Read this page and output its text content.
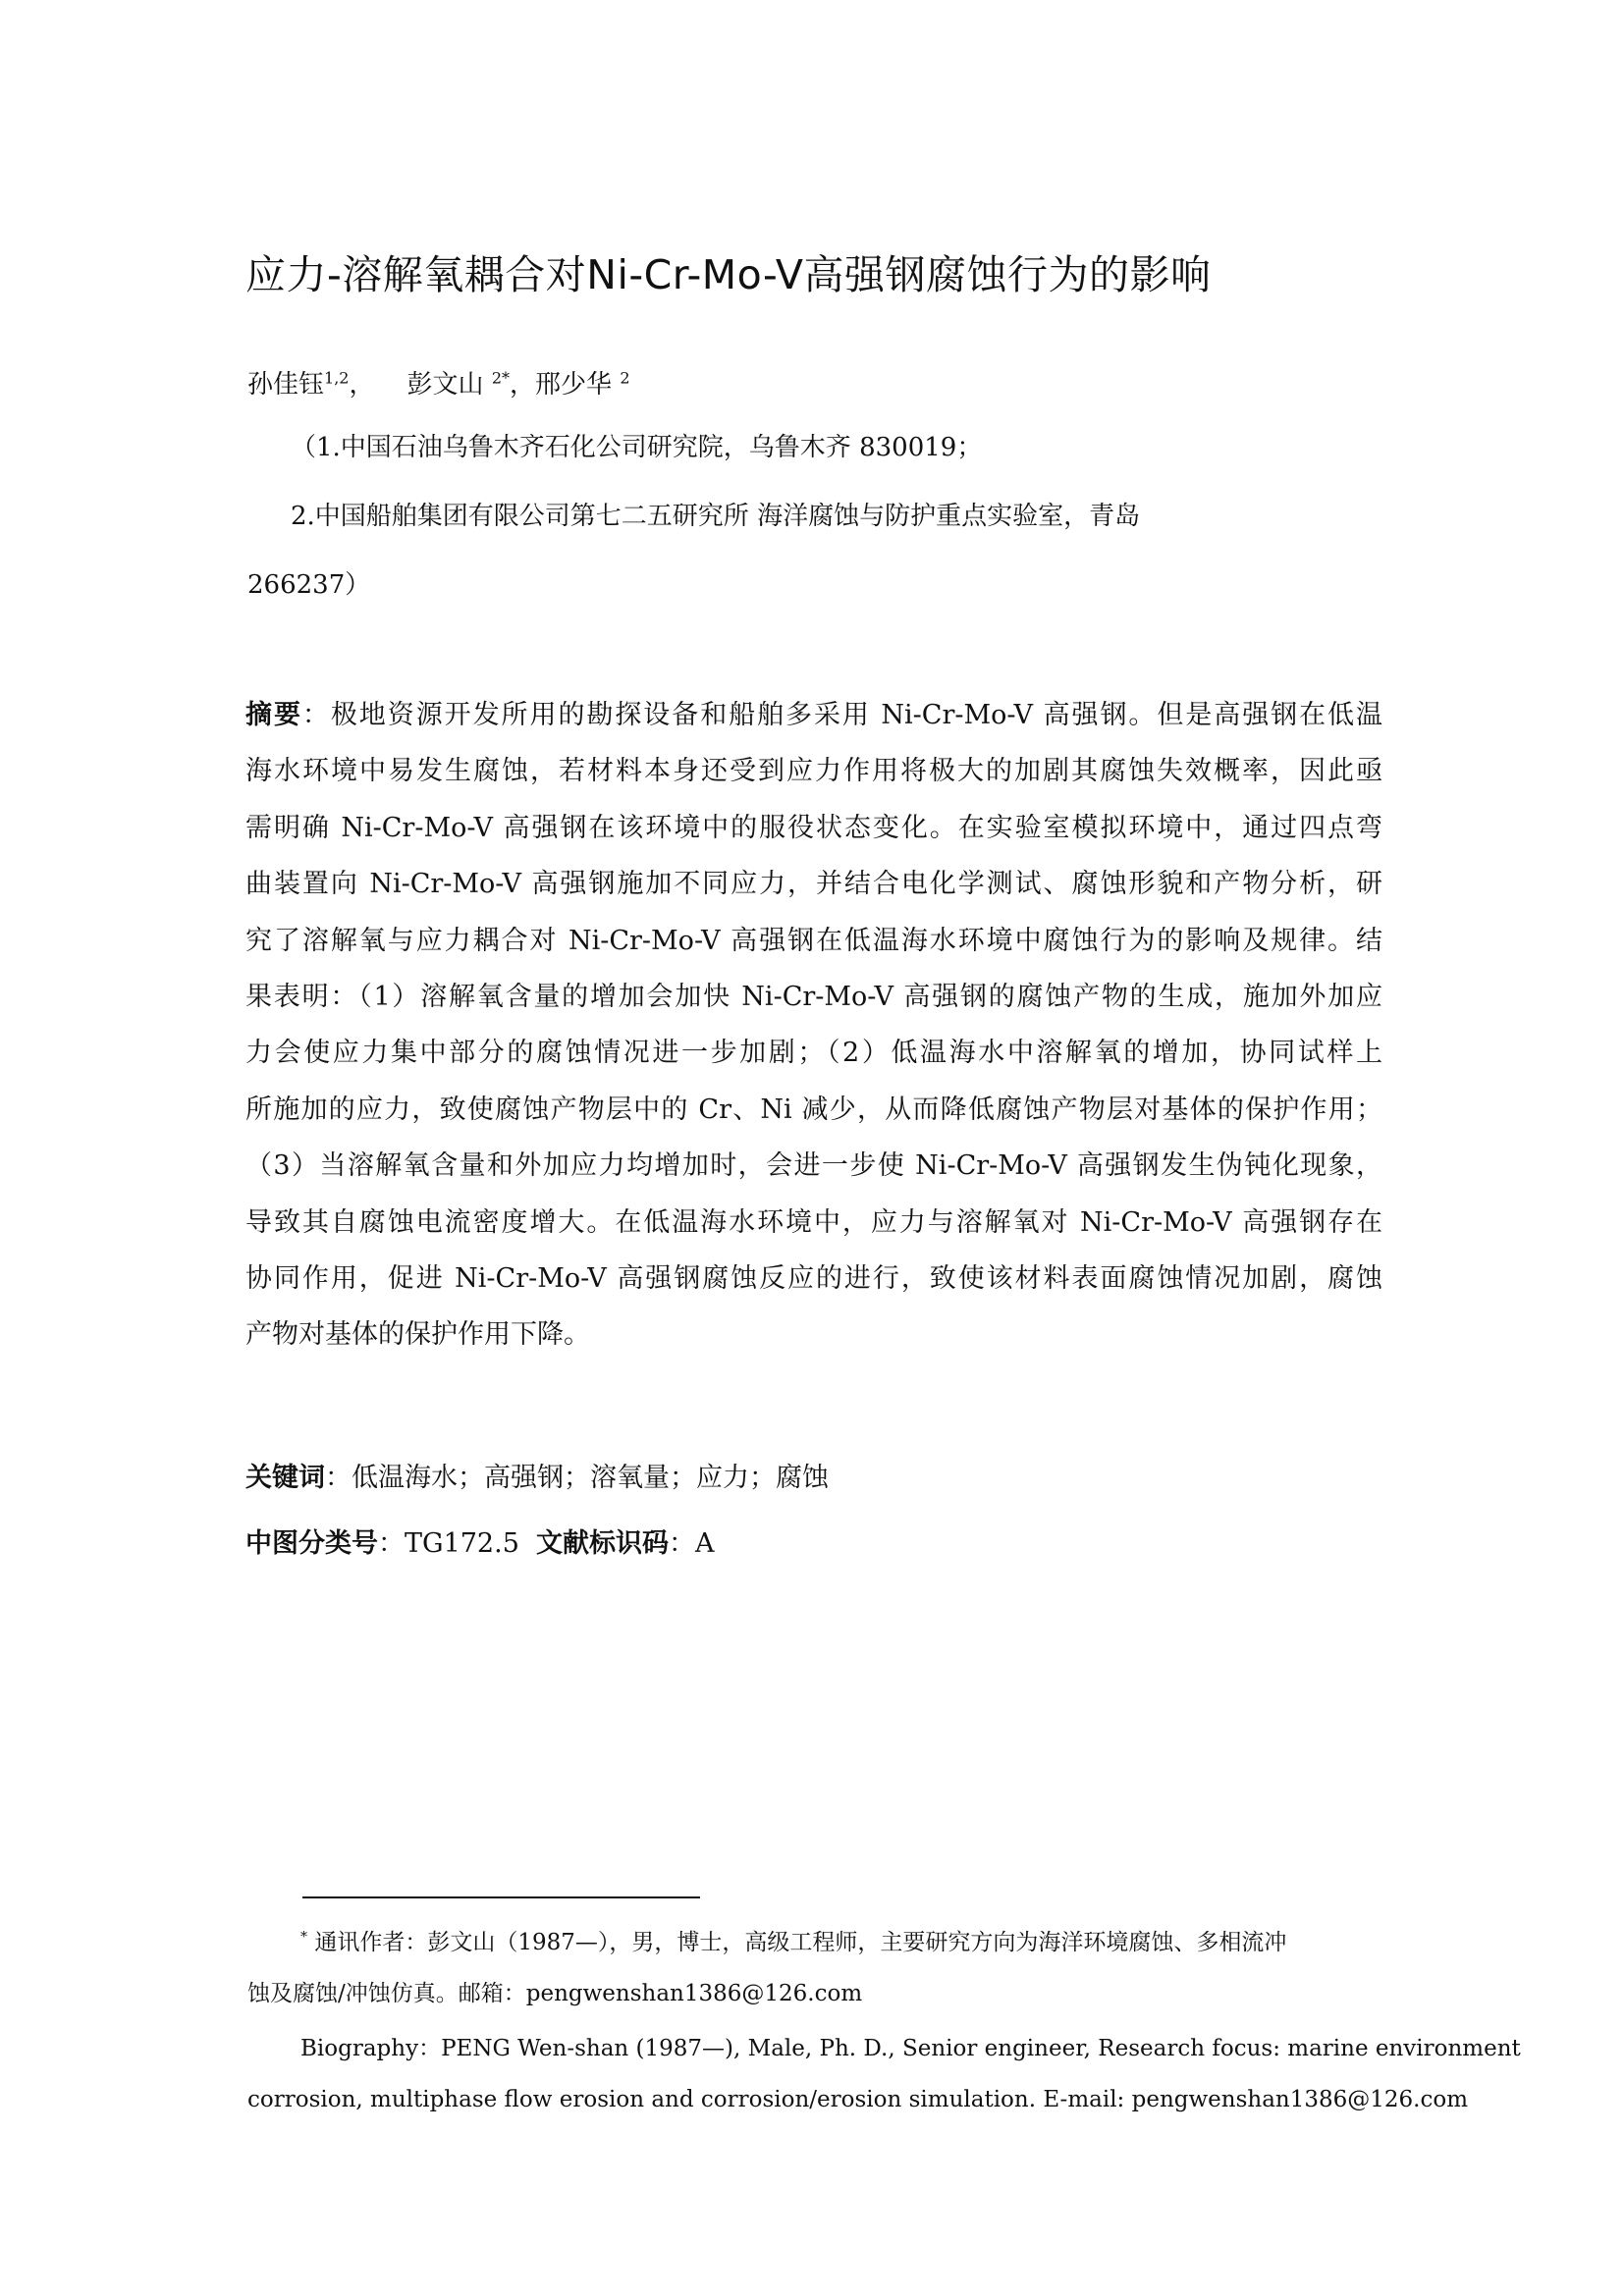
应力-溶解氧耦合对Ni-Cr-Mo-V高强钢腐蚀行为的影响
孙佳钰$^{1,2}$， 彭文山 $^{2*}$，邢少华 $^2$
（1.中国石油乌鲁木齐石化公司研究院，乌鲁木齐 830019；
2.中国船舶集团有限公司第七二五研究所 海洋腐蚀与防护重点实验室，青岛
266237）
摘要：极地资源开发所用的勘探设备和船舶多采用 Ni-Cr-Mo-V 高强钢。但是高强钢在低温
海水环境中易发生腐蚀，若材料本身还受到应力作用将极大的加剧其腐蚀失效概率，因此亟
需明确 Ni-Cr-Mo-V 高强钢在该环境中的服役状态变化。在实验室模拟环境中，通过四点弯
曲装置向 Ni-Cr-Mo-V 高强钢施加不同应力，并结合电化学测试、腐蚀形貌和产物分析，研
究了溶解氧与应力耦合对 Ni-Cr-Mo-V 高强钢在低温海水环境中腐蚀行为的影响及规律。结
果表明：（1）溶解氧含量的增加会加快 Ni-Cr-Mo-V 高强钢的腐蚀产物的生成，施加外加应
力会使应力集中部分的腐蚀情况进一步加剧；（2）低温海水中溶解氧的增加，协同试样上
所施加的应力，致使腐蚀产物层中的 Cr、Ni 减少，从而降低腐蚀产物层对基体的保护作用；
（3）当溶解氧含量和外加应力均增加时，会进一步使 Ni-Cr-Mo-V 高强钢发生伪钝化现象，
导致其自腐蚀电流密度增大。在低温海水环境中，应力与溶解氧对 Ni-Cr-Mo-V 高强钢存在
协同作用，促进 Ni-Cr-Mo-V 高强钢腐蚀反应的进行，致使该材料表面腐蚀情况加剧，腐蚀
产物对基体的保护作用下降。
关键词：低温海水；高强钢；溶氧量；应力；腐蚀
中图分类号：TG172.5 文献标识码：A
* 通讯作者：彭文山（1987—），男，博士，高级工程师，主要研究方向为海洋环境腐蚀、多相流冲
蚀及腐蚀/冲蚀仿真。邮箱：pengwenshan1386@126.com
Biography：PENG Wen-shan (1987—), Male, Ph. D., Senior engineer, Research focus: marine environment
corrosion, multiphase flow erosion and corrosion/erosion simulation. E-mail: pengwenshan1386@126.com
